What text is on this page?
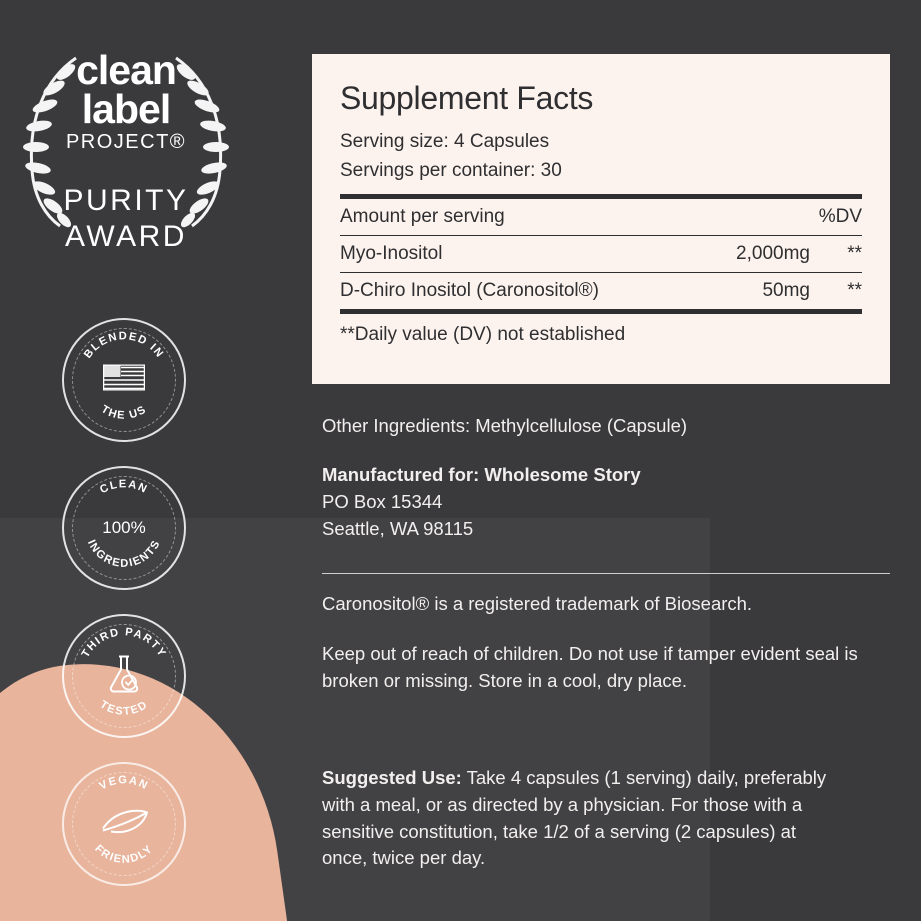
clean
label
PROJECT®
PURITY
AWARD
BLENDED IN
THE US
CLEAN
INGREDIENTS
100%
THIRD PARTY
TESTED
VEGAN
FRIENDLY
Supplement Facts
Serving size: 4 Capsules
Servings per container: 30
Amount per serving	%DV
Myo-Inositol	2,000mg	**
D-Chiro Inositol (Caronositol®)	50mg	**
**Daily value (DV) not established
Other Ingredients: Methylcellulose (Capsule)
Manufactured for: Wholesome Story
PO Box 15344
Seattle, WA 98115
Caronositol® is a registered trademark of Biosearch.
Keep out of reach of children. Do not use if tamper evident seal is broken or missing. Store in a cool, dry place.
Suggested Use: Take 4 capsules (1 serving) daily, preferably with a meal, or as directed by a physician. For those with a sensitive constitution, take 1/2 of a serving (2 capsules) at once, twice per day.
